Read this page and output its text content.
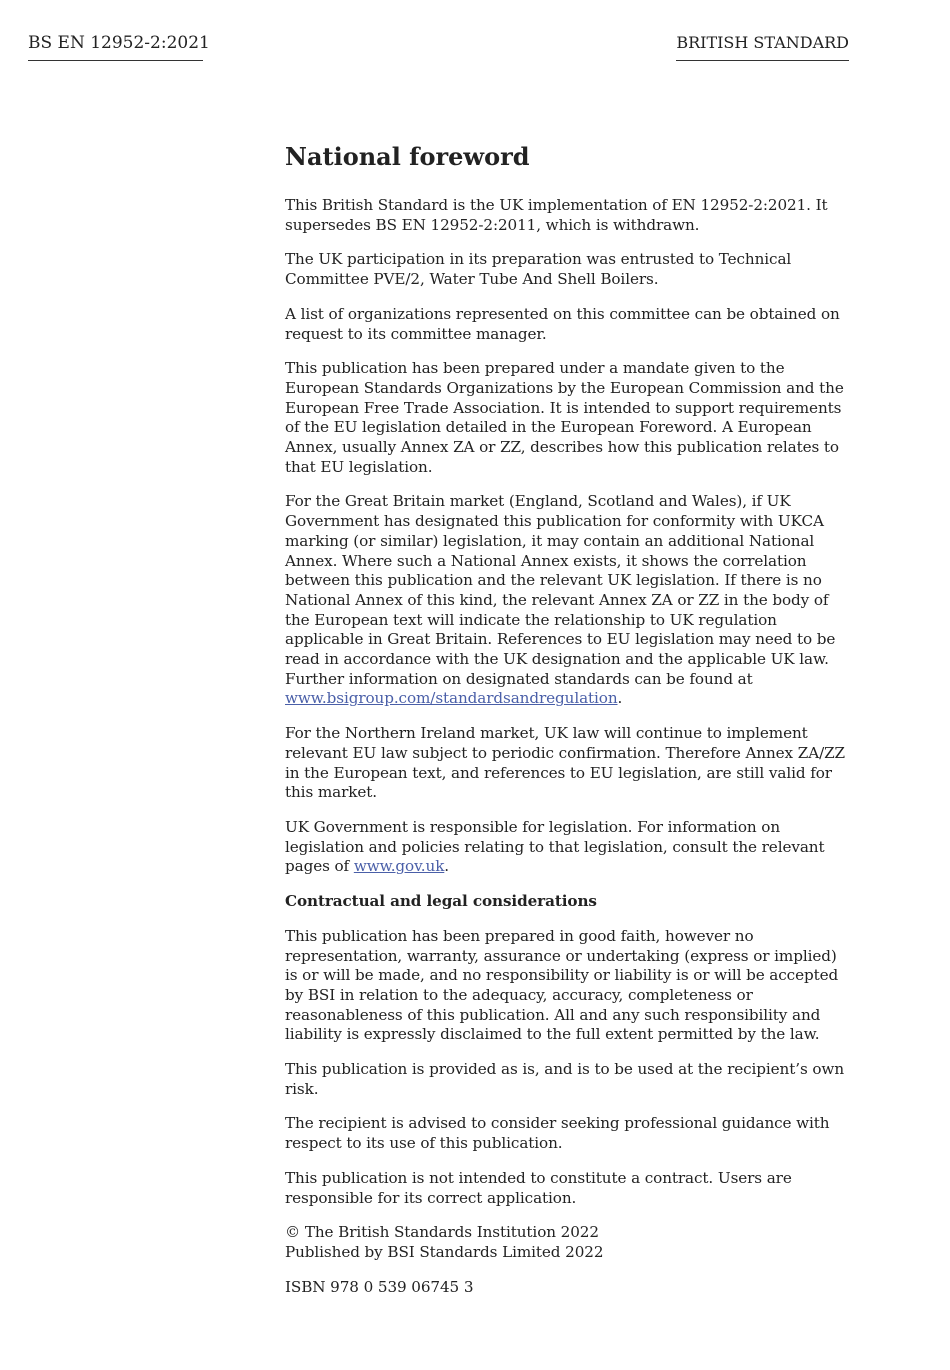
BS EN 12952-2:2021	BRITISH STANDARD
National foreword

This British Standard is the UK implementation of EN 12952-2:2021. It supersedes BS EN 12952-2:2011, which is withdrawn.

The UK participation in its preparation was entrusted to Technical Committee PVE/2, Water Tube And Shell Boilers.

A list of organizations represented on this committee can be obtained on request to its committee manager.

This publication has been prepared under a mandate given to the European Standards Organizations by the European Commission and the European Free Trade Association. It is intended to support requirements of the EU legislation detailed in the European Foreword. A European Annex, usually Annex ZA or ZZ, describes how this publication relates to that EU legislation.

For the Great Britain market (England, Scotland and Wales), if UK Government has designated this publication for conformity with UKCA marking (or similar) legislation, it may contain an additional National Annex. Where such a National Annex exists, it shows the correlation between this publication and the relevant UK legislation. If there is no National Annex of this kind, the relevant Annex ZA or ZZ in the body of the European text will indicate the relationship to UK regulation applicable in Great Britain. References to EU legislation may need to be read in accordance with the UK designation and the applicable UK law. Further information on designated standards can be found at www.bsigroup.com/standardsandregulation.

For the Northern Ireland market, UK law will continue to implement relevant EU law subject to periodic confirmation. Therefore Annex ZA/ZZ in the European text, and references to EU legislation, are still valid for this market.

UK Government is responsible for legislation. For information on legislation and policies relating to that legislation, consult the relevant pages of www.gov.uk.

Contractual and legal considerations

This publication has been prepared in good faith, however no representation, warranty, assurance or undertaking (express or implied) is or will be made, and no responsibility or liability is or will be accepted by BSI in relation to the adequacy, accuracy, completeness or reasonableness of this publication. All and any such responsibility and liability is expressly disclaimed to the full extent permitted by the law.

This publication is provided as is, and is to be used at the recipient’s own risk.

The recipient is advised to consider seeking professional guidance with respect to its use of this publication.

This publication is not intended to constitute a contract. Users are responsible for its correct application.

© The British Standards Institution 2022
Published by BSI Standards Limited 2022

ISBN 978 0 539 06745 3
